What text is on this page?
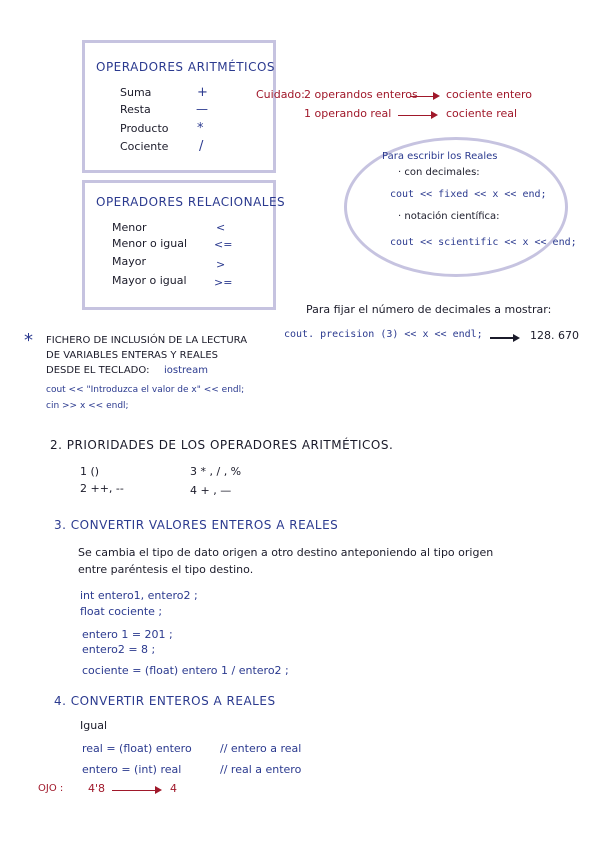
OPERADORES ARITMÉTICOS
Suma	+
Resta	—
Producto *
Cociente /
OPERADORES RELACIONALES
Menor	<
Menor o igual <=
Mayor	>
Mayor o igual >=
Cuidado: 2 operandos enteros	cociente entero
1 operando real	cociente real
Para escribir los Reales
· con decimales:
cout << fixed << x << end;
· notación científica:
cout << scientific << x << end;
Para fijar el número de decimales a mostrar:
cout. precision (3) << x << endl;	128. 670
* FICHERO DE INCLUSIÓN DE LA LECTURA
DE VARIABLES ENTERAS Y REALES
DESDE EL TECLADO: iostream
cout << "Introduzca el valor de x" << endl;
cin >> x << endl;
2. PRIORIDADES DE LOS OPERADORES ARITMÉTICOS.
1 ()
2 ++, --
3 * , / , %
4 + , —
3. CONVERTIR VALORES ENTEROS A REALES
Se cambia el tipo de dato origen a otro destino anteponiendo al tipo origen
entre paréntesis el tipo destino.
int entero1, entero2 ;
float cociente ;
entero 1 = 201 ;
entero2 = 8 ;
cociente = (float) entero 1 / entero2 ;
4. CONVERTIR ENTEROS A REALES
Igual
real = (float) entero	// entero a real
entero = (int) real	// real a entero
OJO : 4'8	4
